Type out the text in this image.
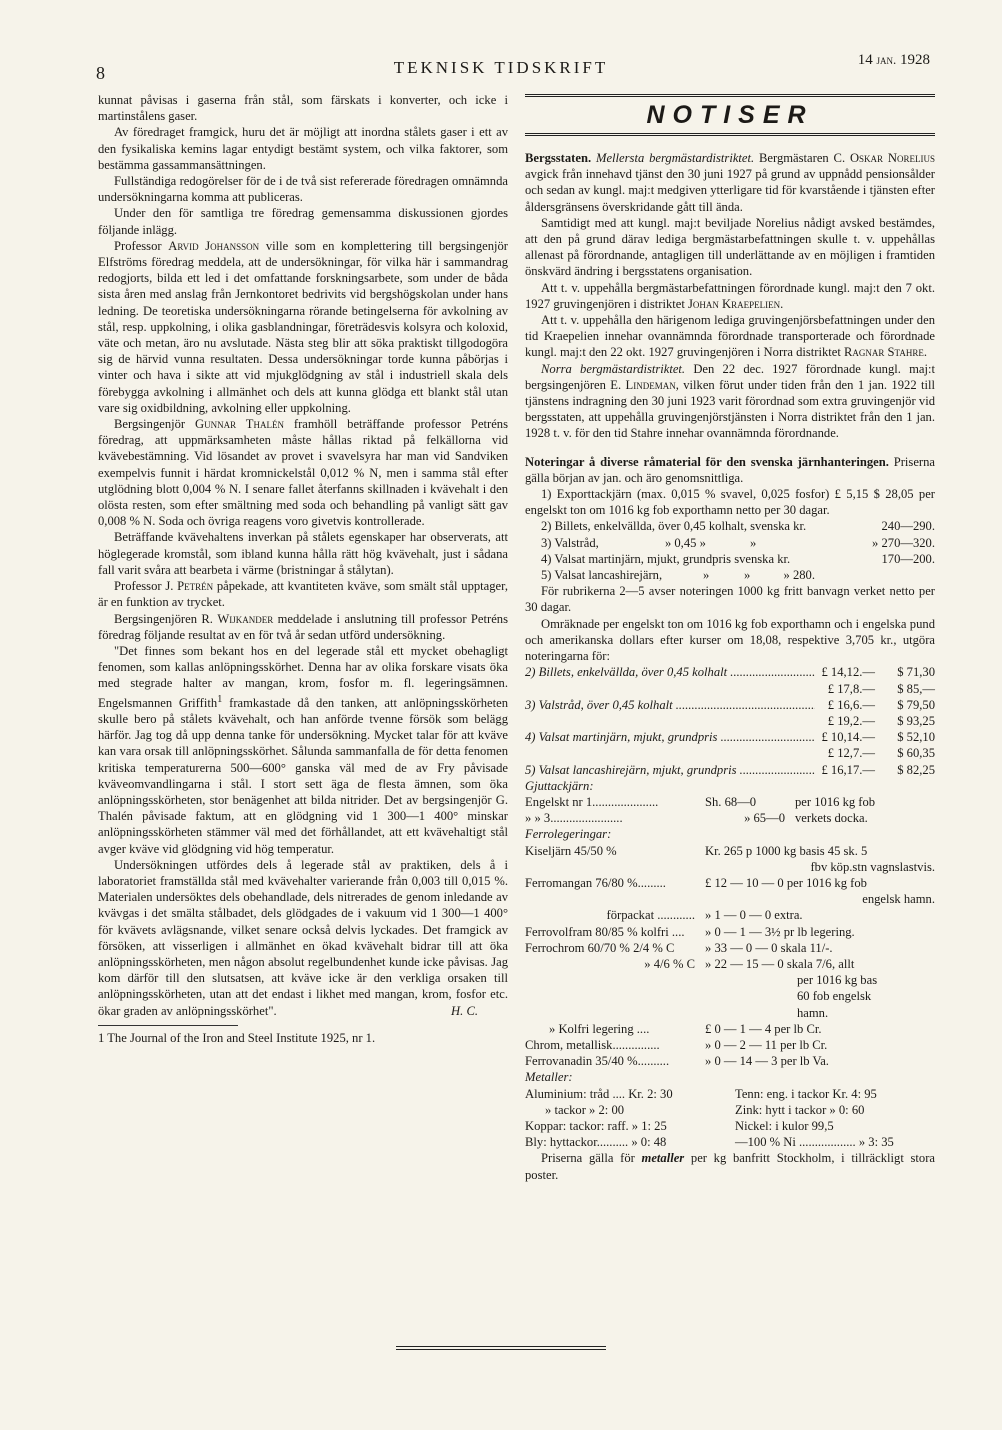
8	TEKNISK TIDSKRIFT	14 jan. 1928

kunnat påvisas i gaserna från stål, som färskats i konverter, och icke i martinstålens gaser.

Av föredraget framgick, huru det är möjligt att inordna stålets gaser i ett av den fysikaliska kemins lagar entydigt bestämt system, och vilka faktorer, som bestämma gassammansättningen.

Fullständiga redogörelser för de i de två sist refererade föredragen omnämnda undersökningarna komma att publiceras.

Under den för samtliga tre föredrag gemensamma diskussionen gjordes följande inlägg.

Professor Arvid Johansson ville som en komplettering till bergsingenjör Elfströms föredrag meddela, att de undersökningar, för vilka här i sammandrag redogjorts, bilda ett led i det omfattande forskningsarbete, som under de båda sista åren med anslag från Jernkontoret bedrivits vid bergshögskolan under hans ledning. De teoretiska undersökningarna rörande betingelserna för avkolning av stål, resp. uppkolning, i olika gasblandningar, företrädesvis kolsyra och koloxid, väte och metan, äro nu avslutade. Nästa steg blir att söka praktiskt tillgodogöra sig de härvid vunna resultaten. Dessa undersökningar torde kunna påbörjas i vinter och hava i sikte att vid mjukglödgning av stål i industriell skala dels förebygga avkolning i allmänhet och dels att kunna glödga ett blankt stål utan vare sig oxidbildning, avkolning eller uppkolning.

Bergsingenjör Gunnar Thalén framhöll beträffande professor Petréns föredrag, att uppmärksamheten måste hållas riktad på felkällorna vid kvävebestämning. Vid lösandet av provet i svavelsyra har man vid Sandviken exempelvis funnit i härdat kromnickelstål 0,012 % N, men i samma stål efter utglödning blott 0,004 % N. I senare fallet återfanns skillnaden i kvävehalt i den olösta resten, som efter smältning med soda och behandling på vanligt sätt gav 0,008 % N. Soda och övriga reagens voro givetvis kontrollerade.

Beträffande kvävehaltens inverkan på stålets egenskaper har observerats, att höglegerade kromstål, som ibland kunna hålla rätt hög kvävehalt, just i sådana fall varit svåra att bearbeta i värme (bristningar å stålytan).

Professor J. Petrén påpekade, att kvantiteten kväve, som smält stål upptager, är en funktion av trycket.

Bergsingenjören R. Wijkander meddelade i anslutning till professor Petréns föredrag följande resultat av en för två år sedan utförd undersökning.

"Det finnes som bekant hos en del legerade stål ett mycket obehagligt fenomen, som kallas anlöpningsskörhet. Denna har av olika forskare visats öka med stegrade halter av mangan, krom, fosfor m. fl. legeringsämnen. Engelsmannen Griffith$^1$ framkastade då den tanken, att anlöpningsskörheten skulle bero på stålets kvävehalt, och han anförde tvenne försök som belägg härför. Jag tog då upp denna tanke för undersökning. Mycket talar för att kväve kan vara orsak till anlöpningsskörhet. Sålunda sammanfalla de för detta fenomen kritiska temperaturerna 500—600° ganska väl med de av Fry påvisade kväveomvandlingarna i stål. I stort sett äga de flesta ämnen, som öka anlöpningsskörheten, stor benägenhet att bilda nitrider. Det av bergsingenjör G. Thalén påvisade faktum, att en glödgning vid 1 300—1 400° minskar anlöpningsskörheten stämmer väl med det förhållandet, att ett kvävehaltigt stål avger kväve vid glödgning vid hög temperatur.

Undersökningen utfördes dels å legerade stål av praktiken, dels å i laboratoriet framställda stål med kvävehalter varierande från 0,003 till 0,015 %. Materialen undersöktes dels obehandlade, dels nitrerades de genom inledande av kvävgas i det smälta stålbadet, dels glödgades de i vakuum vid 1 300—1 400° för kvävets avlägsnande, vilket senare också delvis lyckades. Det framgick av försöken, att visserligen i allmänhet en ökad kvävehalt bidrar till att öka anlöpningsskörheten, men någon absolut regelbundenhet kunde icke påvisas. Jag kom därför till den slutsatsen, att kväve icke är den verkliga orsaken till anlöpningsskörheten, utan att det endast i likhet med mangan, krom, fosfor etc. ökar graden av anlöpningsskörhet".	H. C.

1 The Journal of the Iron and Steel Institute 1925, nr 1.

NOTISER

Bergsstaten. Mellersta bergmästardistriktet. Bergmästaren C. Oskar Norelius avgick från innehavd tjänst den 30 juni 1927 på grund av uppnådd pensionsålder och sedan av kungl. maj:t medgiven ytterligare tid för kvarstående i tjänsten efter åldersgränsens överskridande gått till ända.

Samtidigt med att kungl. maj:t beviljade Norelius nådigt avsked bestämdes, att den på grund därav lediga bergmästarbefattningen skulle t. v. uppehållas allenast på förordnande, antagligen till underlättande av en möjligen i framtiden önskvärd ändring i bergsstatens organisation.

Att t. v. uppehålla bergmästarbefattningen förordnade kungl. maj:t den 7 okt. 1927 gruvingenjören i distriktet Johan Kraepelien.

Att t. v. uppehålla den härigenom lediga gruvingenjörsbefattningen under den tid Kraepelien innehar ovannämnda förordnade transporterade och förordnade kungl. maj:t den 22 okt. 1927 gruvingenjören i Norra distriktet Ragnar Stahre.

Norra bergmästardistriktet. Den 22 dec. 1927 förordnade kungl. maj:t bergsingenjören E. Lindeman, vilken förut under tiden från den 1 jan. 1922 till tjänstens indragning den 30 juni 1923 varit förordnad som extra gruvingenjör vid bergsstaten, att uppehålla gruvingenjörstjänsten i Norra distriktet från den 1 jan. 1928 t. v. för den tid Stahre innehar ovannämnda förordnande.

Noteringar å diverse råmaterial för den svenska järnhanteringen. Priserna gälla början av jan. och äro genomsnittliga.

1) Exporttackjärn (max. 0,015 % svavel, 0,025 fosfor) £ 5,15 $ 28,05 per engelskt ton om 1016 kg fob exporthamn netto per 30 dagar.

2) Billets, enkelvällda, över 0,45 kolhalt, svenska kr.	240—290.
3) Valstråd,                     » 0,45 »              »	» 270—320.
4) Valsat martinjärn, mjukt, grundpris svenska kr.	170—200.
5) Valsat lancashirejärn,             »           »	» 280.

För rubrikerna 2—5 avser noteringen 1000 kg fritt banvagn verket netto per 30 dagar.

Omräknade per engelskt ton om 1016 kg fob exporthamn och i engelska pund och amerikanska dollars efter kurser om 18,08, respektive 3,705 kr., utgöra noteringarna för:

2) Billets, enkelvällda, över 0,45 kolhalt .....	£ 14,12.—	$ 71,30
£ 17,8.—	$ 85,—
3) Valstråd, över 0,45 kolhalt .....	£ 16,6.—	$ 79,50
£ 19,2.—	$ 93,25
4) Valsat martinjärn, mjukt, grundpris .....	£ 10,14.—	$ 52,10
£ 12,7.—	$ 60,35
5) Valsat lancashirejärn, mjukt, grundpris .....	£ 16,17.—	$ 82,25
Gjuttackjärn:
Engelskt nr 1.....................	Sh. 68—0	per 1016 kg fob
» » 3.......................	» 65—0 verkets docka.
Ferrolegeringar:
Kiseljärn 45/50 %	Kr. 265 p 1000 kg basis 45 sk. 5
fbv köp.stn vagnslastvis.
Ferromangan 76/80 %.........	£ 12 — 10 — 0 per 1016 kg fob
engelsk hamn.
förpackat ............ » 1 — 0 — 0 extra.
Ferrovolfram 80/85 % kolfri ....	» 0 — 1 — 3½ pr lb legering.
Ferrochrom 60/70 % 2/4 % C	» 33 — 0 — 0 skala 11/-.
» 4/6 % C » 22 — 15 — 0 skala 7/6, allt
per 1016 kg bas
60 fob engelsk
hamn.
» Kolfri legering ....	£ 0 — 1 — 4 per lb Cr.
Chrom, metallisk...............	» 0 — 2 — 11 per lb Cr.
Ferrovanadin 35/40 %..........	» 0 — 14 — 3 per lb Va.
Metaller:
Aluminium: tråd .... Kr. 2: 30	Tenn: eng. i tackor Kr. 4: 95
» tackor » 2: 00	Zink: hytt i tackor » 0: 60
Koppar: tackor: raff. » 1: 25	Nickel: i kulor 99,5
Bly: hyttackor.......... » 0: 48	—100 % Ni .................. » 3: 35

Priserna gälla för metaller per kg banfritt Stockholm, i tillräckligt stora poster.
